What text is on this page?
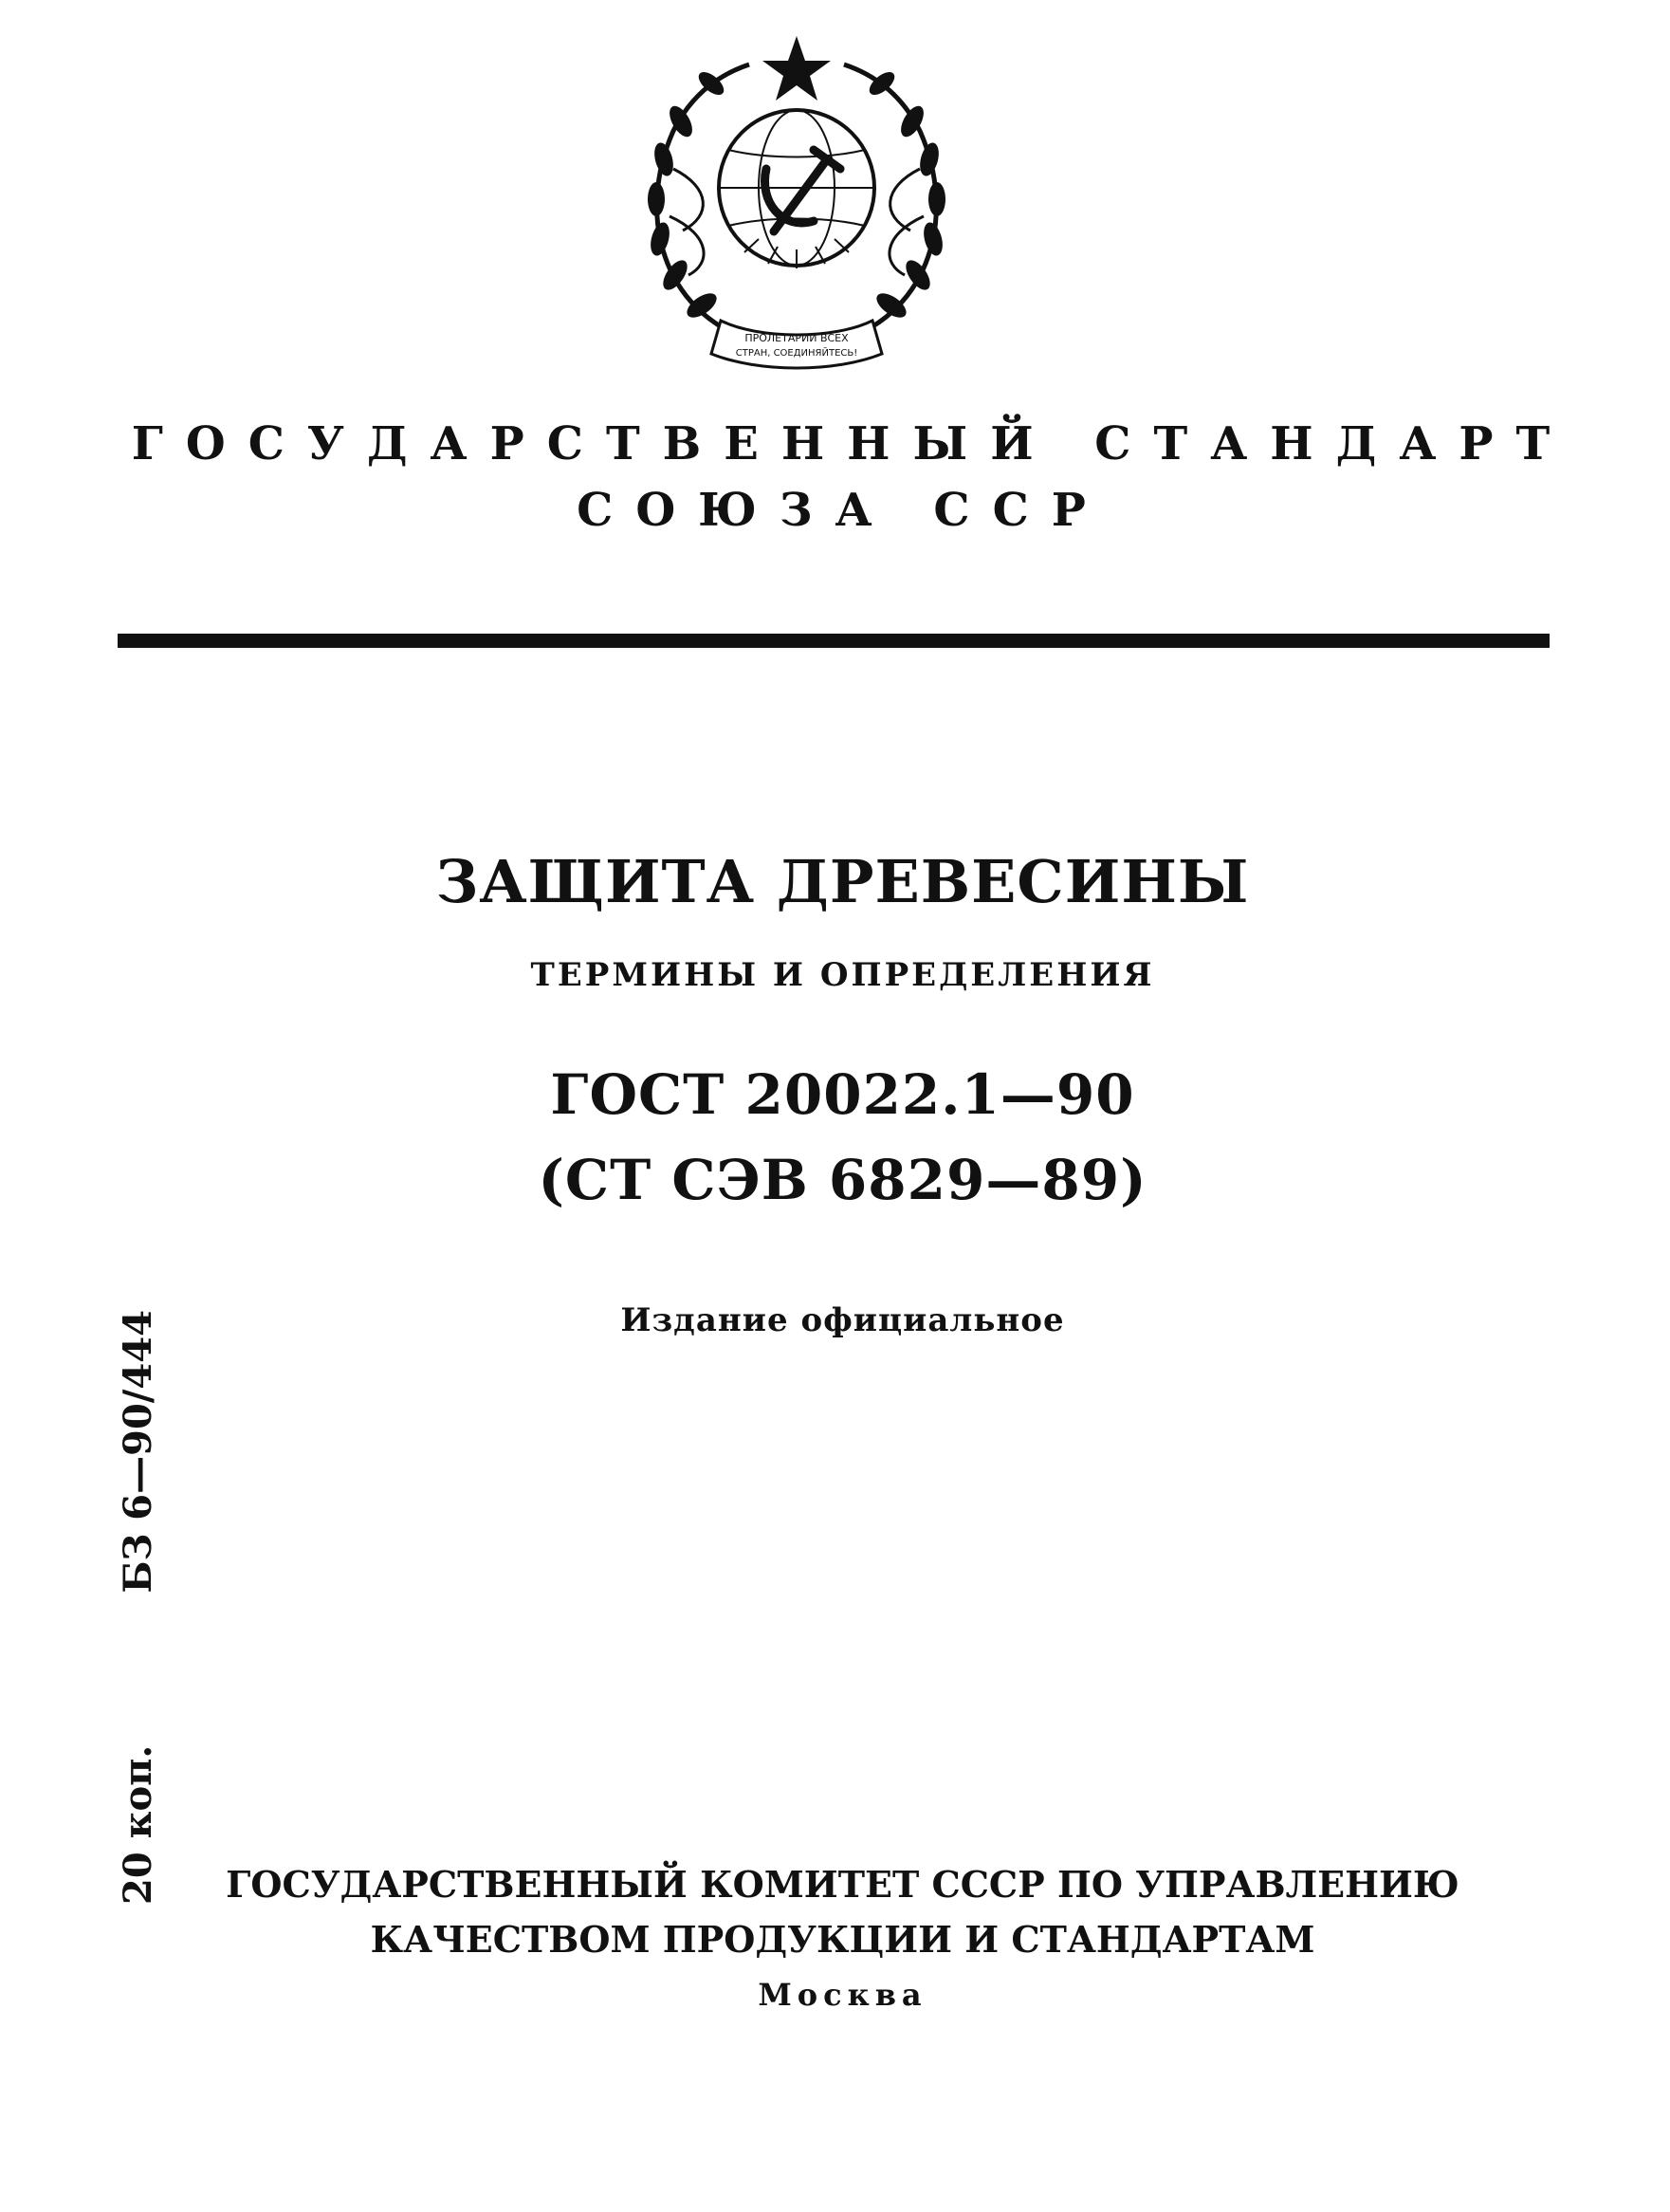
ПРОЛЕТАРИИ ВСЕХ
СТРАН, СОЕДИНЯЙТЕСЬ!
ГОСУДАРСТВЕННЫЙ СТАНДАРТ
СОЮЗА ССР
ЗАЩИТА ДРЕВЕСИНЫ
ТЕРМИНЫ И ОПРЕДЕЛЕНИЯ
ГОСТ 20022.1—90
(СТ СЭВ 6829—89)
Издание официальное
20 коп.БЗ 6—90/444
ГОСУДАРСТВЕННЫЙ КОМИТЕТ СССР ПО УПРАВЛЕНИЮ
КАЧЕСТВОМ ПРОДУКЦИИ И СТАНДАРТАМ
Москва
